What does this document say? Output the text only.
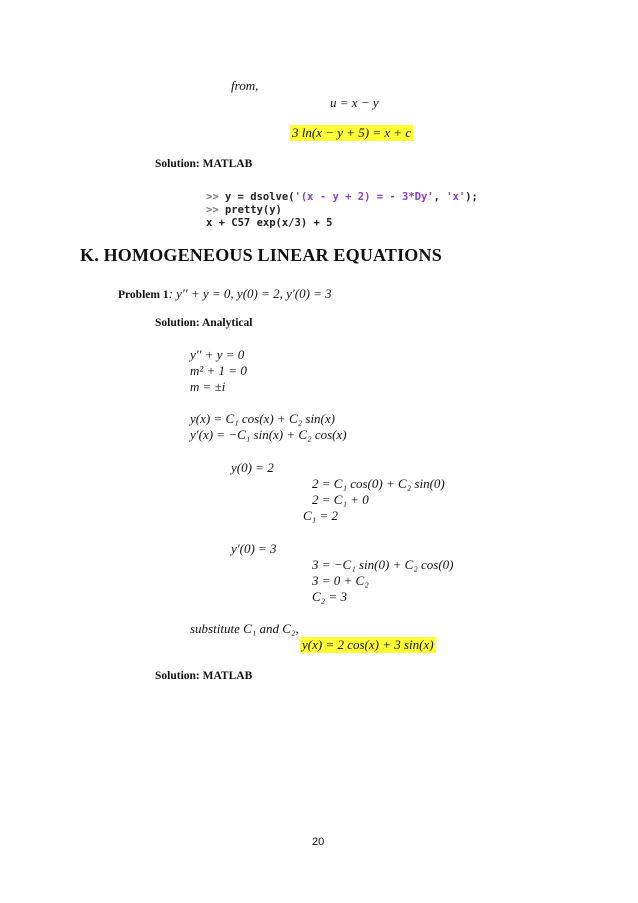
from,
u = x − y
3 ln(x − y + 5) = x + c
Solution: MATLAB
>> y = dsolve('(x - y + 2) = - 3*Dy', 'x');
>> pretty(y)
x + C57 exp(x/3) + 5
K. HOMOGENEOUS LINEAR EQUATIONS
Problem 1: y′′ + y = 0, y(0) = 2, y′(0) = 3
Solution: Analytical
y′′ + y = 0
m² + 1 = 0
m = ±i
y(x) = C₁ cos(x) + C₂ sin(x)
y′(x) = −C₁ sin(x) + C₂ cos(x)
y(0) = 2
2 = C₁ cos(0) + C₂ sin(0)
2 = C₁ + 0
C₁ = 2
y′(0) = 3
3 = −C₁ sin(0) + C₂ cos(0)
3 = 0 + C₂
C₂ = 3
substitute C₁ and C₂,
y(x) = 2 cos(x) + 3 sin(x)
Solution: MATLAB
20
